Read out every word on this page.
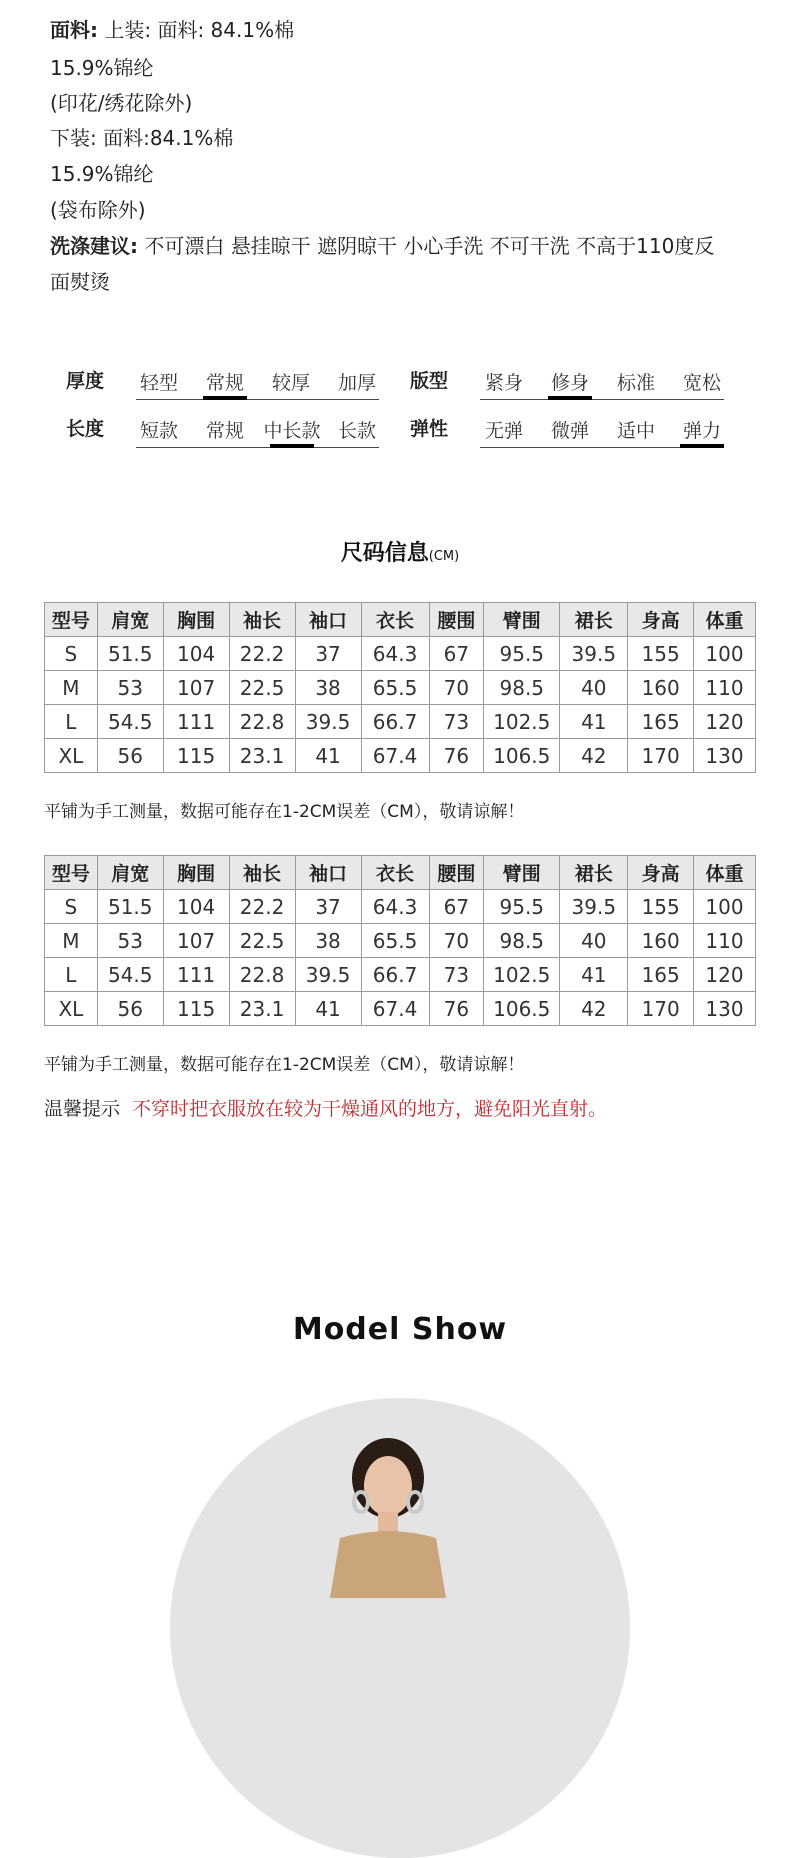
面料: 上装: 面料: 84.1%棉
15.9%锦纶
(印花/绣花除外)
下装: 面料:84.1%棉
15.9%锦纶
(袋布除外)
洗涤建议: 不可漂白 悬挂晾干 遮阴晾干 小心手洗 不可干洗 不高于110度反
面熨烫
厚度	轻型	常规	较厚	加厚	版型	紧身	修身	标准	宽松
长度	短款	常规	中长款 长款	弹性	无弹	微弹	适中	弹力
尺码信息(CM)
型号	肩宽	胸围	袖长	袖口	衣长	腰围	臂围	裙长	身高	体重
S	51.5	104	22.2	37	64.3	67	95.5	39.5	155	100
M	53	107	22.5	38	65.5	70	98.5	40	160	110
L	54.5	111	22.8	39.5	66.7	73	102.5	41	165	120
XL	56	115	23.1	41	67.4	76	106.5	42	170	130
平铺为手工测量，数据可能存在1-2CM误差（CM），敬请谅解！
型号	肩宽	胸围	袖长	袖口	衣长	腰围	臂围	裙长	身高	体重
S	51.5	104	22.2	37	64.3	67	95.5	39.5	155	100
M	53	107	22.5	38	65.5	70	98.5	40	160	110
L	54.5	111	22.8	39.5	66.7	73	102.5	41	165	120
XL	56	115	23.1	41	67.4	76	106.5	42	170	130
平铺为手工测量，数据可能存在1-2CM误差（CM），敬请谅解！
温馨提示 不穿时把衣服放在较为干燥通风的地方，避免阳光直射。
Model Show
